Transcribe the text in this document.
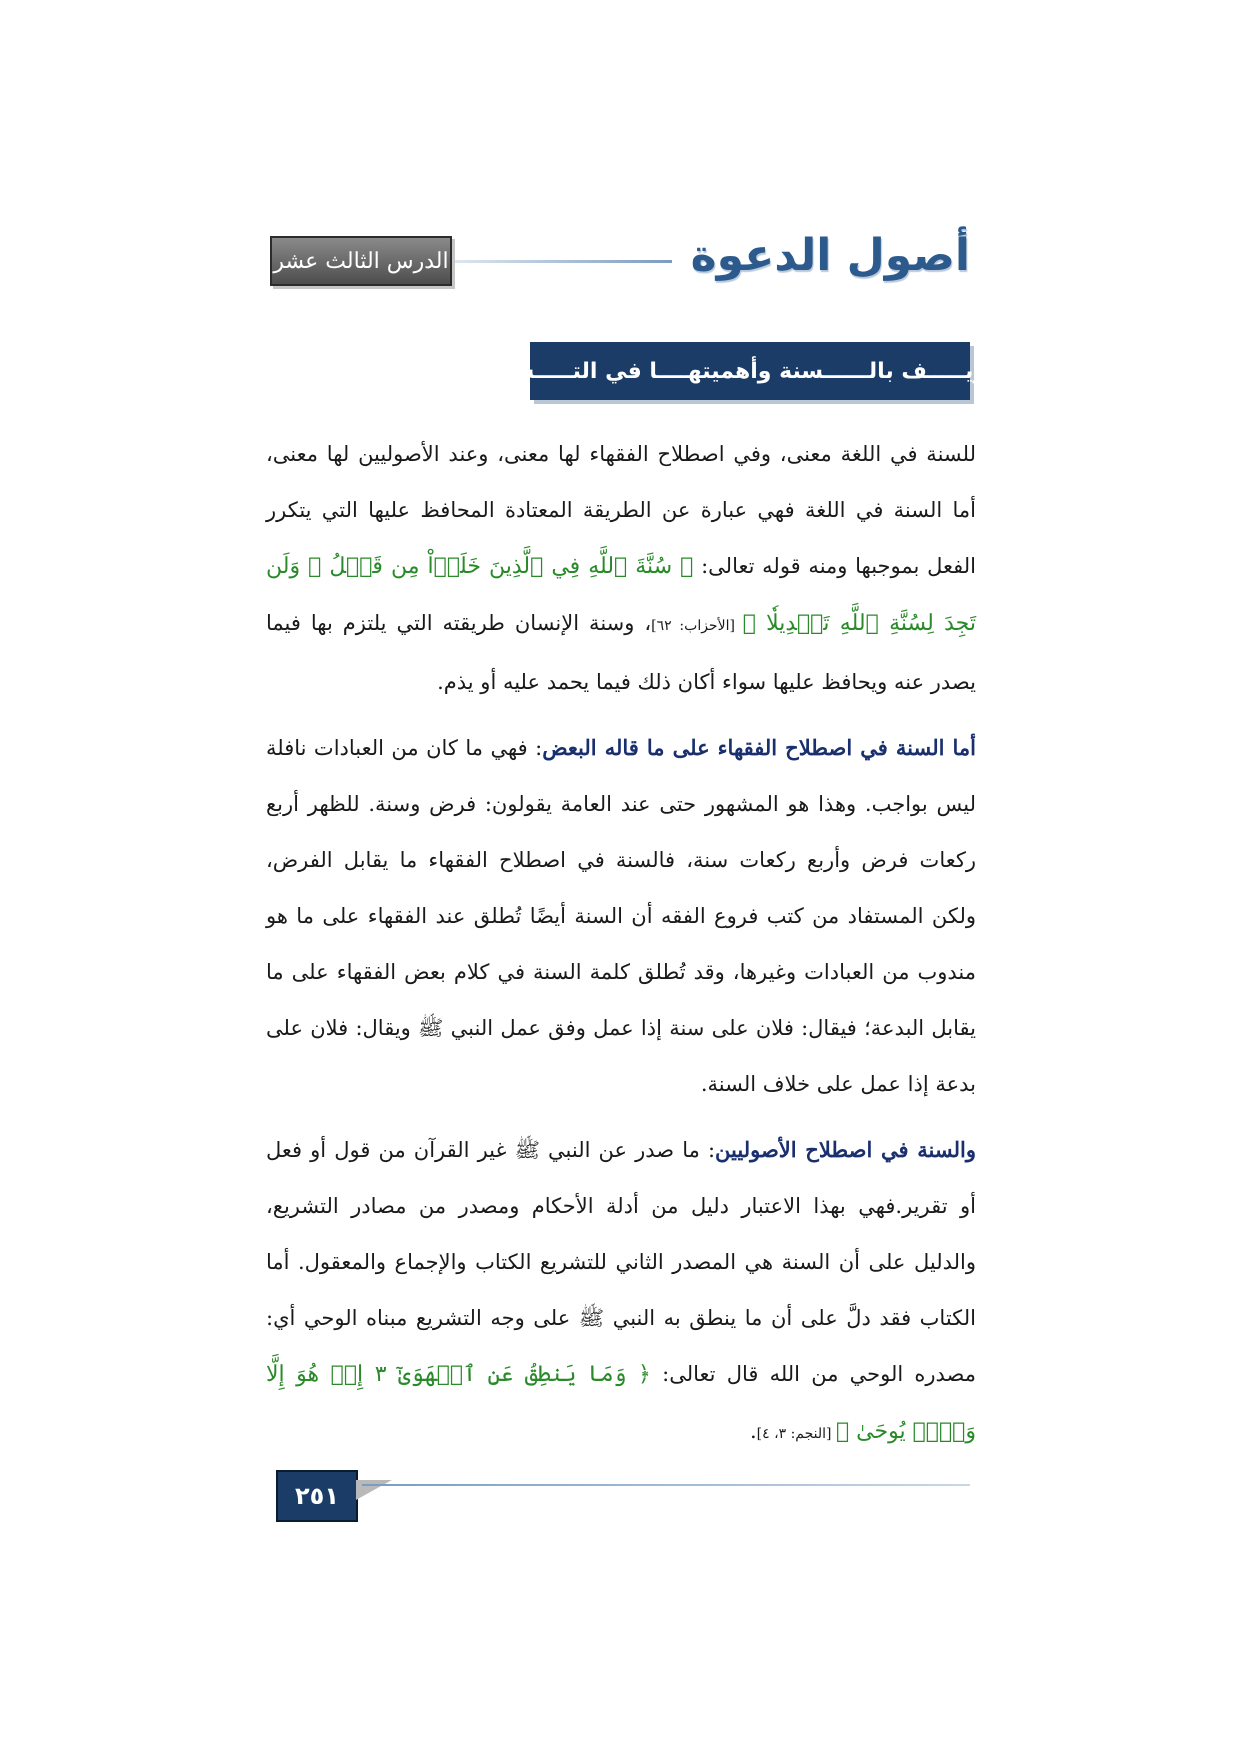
أصول الدعوة
الدرس الثالث عشر
التعريـــــف بالــــــسنة وأهميتهــــا في التـــــشريع

للسنة في اللغة معنى، وفي اصطلاح الفقهاء لها معنى، وعند الأصوليين لها معنى، أما السنة في اللغة فهي عبارة عن الطريقة المعتادة المحافظ عليها التي يتكرر الفعل بموجبها ومنه قوله تعالى: ﴿ سُنَّةَ ٱللَّهِ فِي ٱلَّذِينَ خَلَوۡاْ مِن قَبۡلُ ۖ وَلَن تَجِدَ لِسُنَّةِ ٱللَّهِ تَبۡدِيلٗا ﴾ [الأحزاب: ٦٢]، وسنة الإنسان طريقته التي يلتزم بها فيما يصدر عنه ويحافظ عليها سواء أكان ذلك فيما يحمد عليه أو يذم.

أما السنة في اصطلاح الفقهاء على ما قاله البعض: فهي ما كان من العبادات نافلة ليس بواجب. وهذا هو المشهور حتى عند العامة يقولون: فرض وسنة. للظهر أربع ركعات فرض وأربع ركعات سنة، فالسنة في اصطلاح الفقهاء ما يقابل الفرض، ولكن المستفاد من كتب فروع الفقه أن السنة أيضًا تُطلق عند الفقهاء على ما هو مندوب من العبادات وغيرها، وقد تُطلق كلمة السنة في كلام بعض الفقهاء على ما يقابل البدعة؛ فيقال: فلان على سنة إذا عمل وفق عمل النبي ﷺ ويقال: فلان على بدعة إذا عمل على خلاف السنة.

والسنة في اصطلاح الأصوليين: ما صدر عن النبي ﷺ غير القرآن من قول أو فعل أو تقرير.فهي بهذا الاعتبار دليل من أدلة الأحكام ومصدر من مصادر التشريع، والدليل على أن السنة هي المصدر الثاني للتشريع الكتاب والإجماع والمعقول. أما الكتاب فقد دلَّ على أن ما ينطق به النبي ﷺ على وجه التشريع مبناه الوحي أي: مصدره الوحي من الله قال تعالى: ﴿ وَمَا يَنطِقُ عَنِ ٱلۡهَوَىٰٓ ٣ إِنۡ هُوَ إِلَّا وَحۡيٞ يُوحَىٰ ﴾ [النجم: ٣، ٤].

٢٥١
